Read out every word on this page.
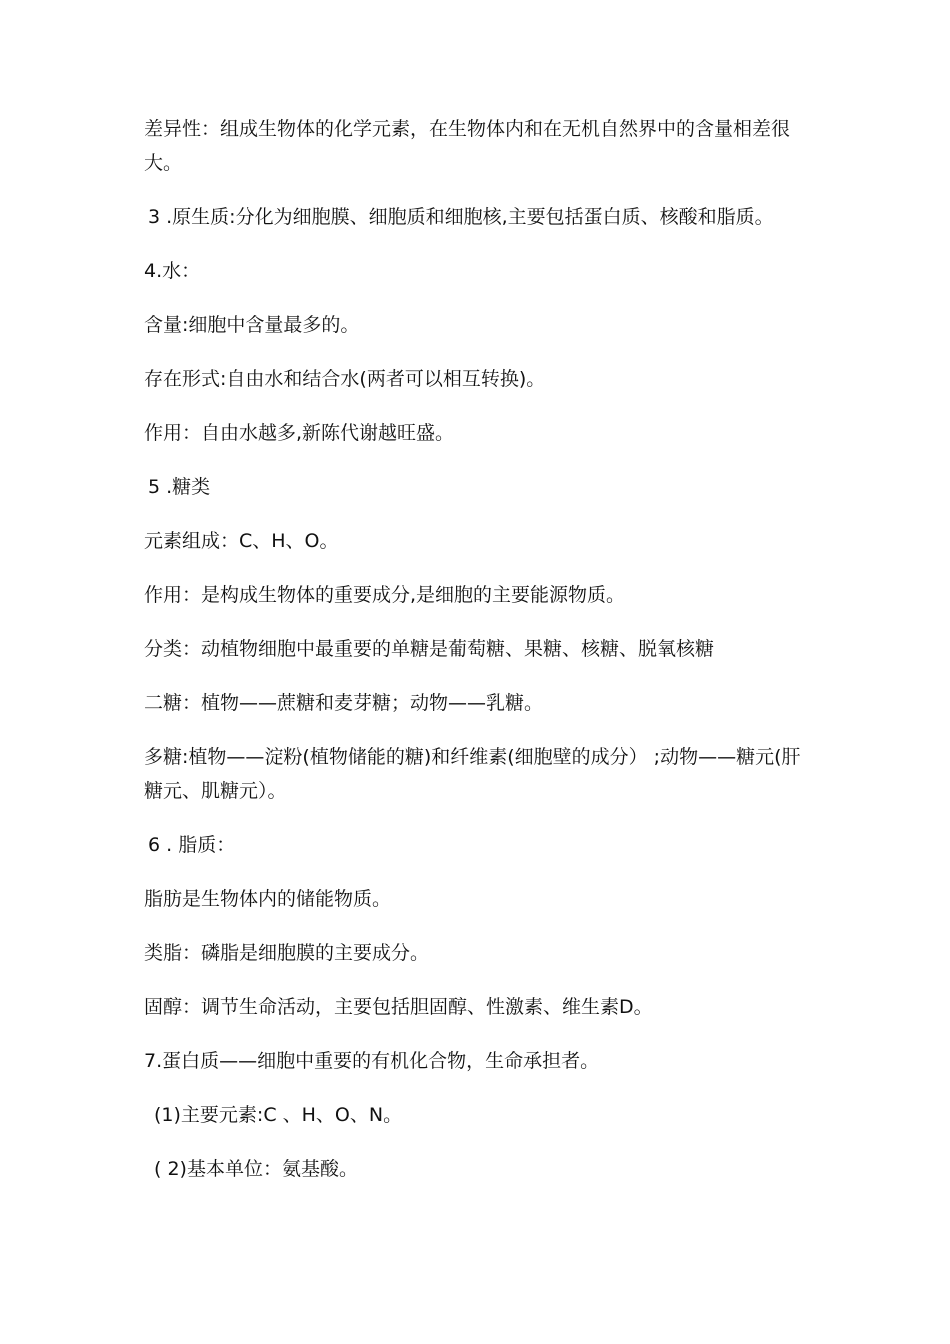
差异性：组成生物体的化学元素，在生物体内和在无机自然界中的含量相差很大。

3 .原生质:分化为细胞膜、细胞质和细胞核,主要包括蛋白质、核酸和脂质。

4.水：

含量:细胞中含量最多的。

存在形式:自由水和结合水(两者可以相互转换)。

作用：自由水越多,新陈代谢越旺盛。

5 .糖类

元素组成：C、H、O。

作用：是构成生物体的重要成分,是细胞的主要能源物质。

分类：动植物细胞中最重要的单糖是葡萄糖、果糖、核糖、脱氧核糖

二糖：植物——蔗糖和麦芽糖；动物——乳糖。

多糖:植物——淀粉(植物储能的糖)和纤维素(细胞壁的成分） ;动物——糖元(肝糖元、肌糖元）。

6 . 脂质：

脂肪是生物体内的储能物质。

类脂：磷脂是细胞膜的主要成分。

固醇：调节生命活动，主要包括胆固醇、性激素、维生素D。

7.蛋白质——细胞中重要的有机化合物，生命承担者。

(1)主要元素:C 、H、O、N。

( 2)基本单位：氨基酸。
